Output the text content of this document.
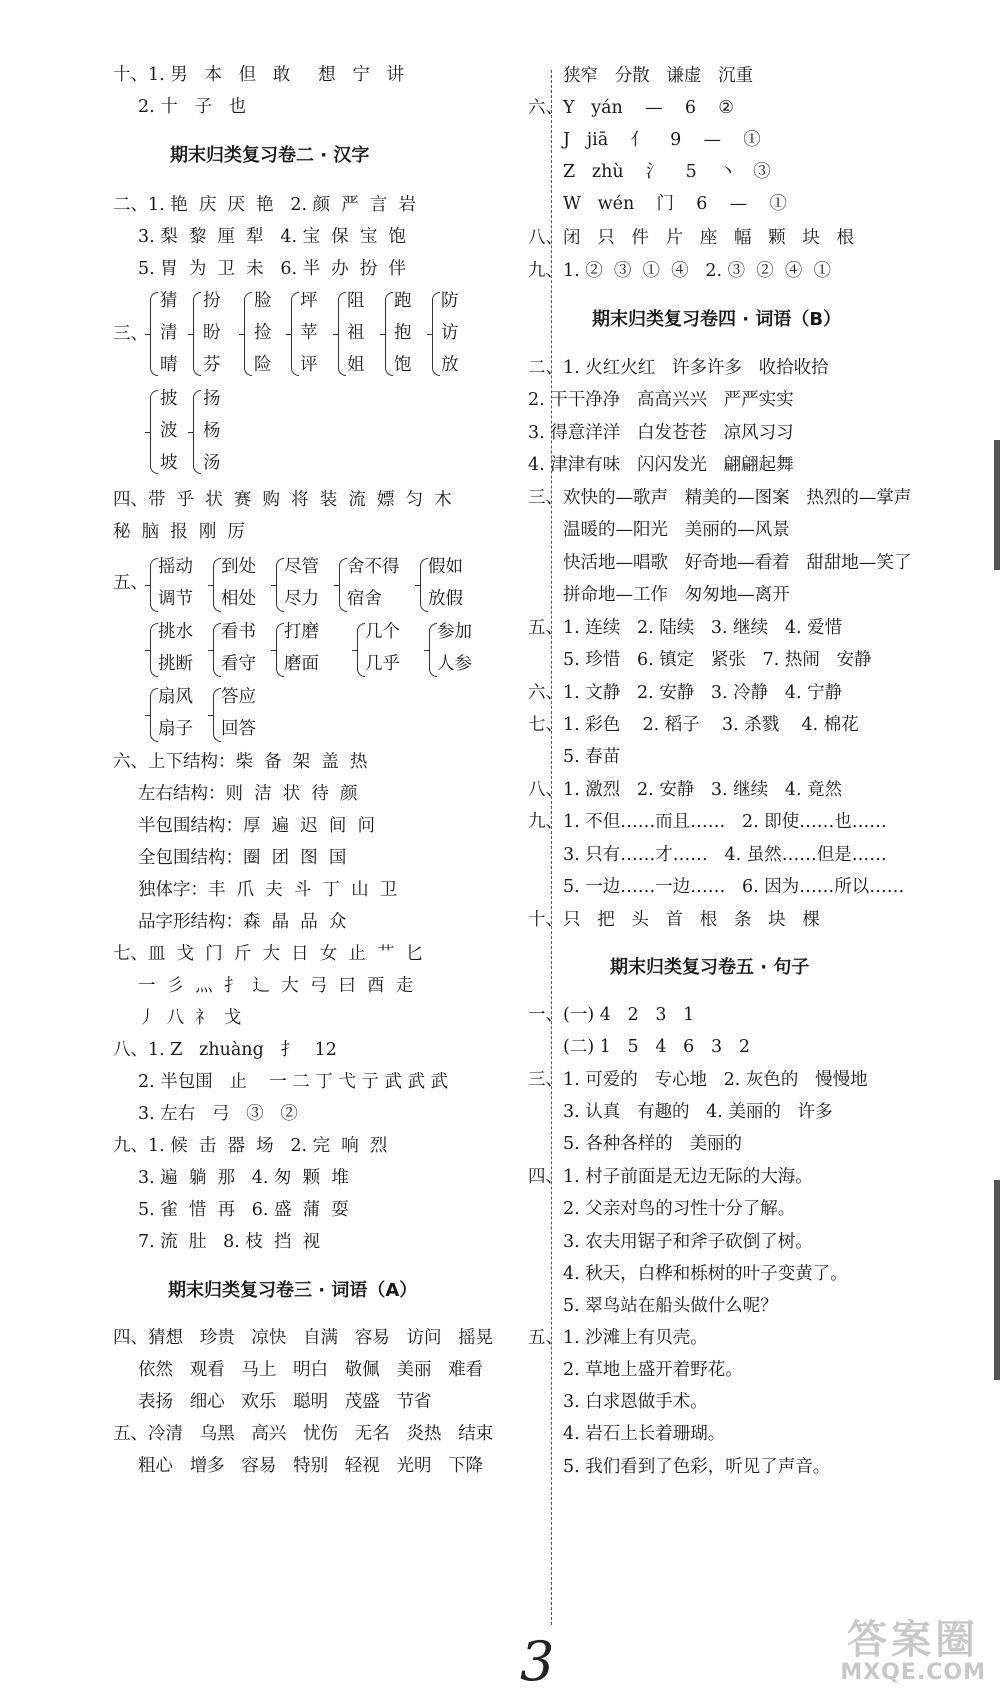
十、1. 男   本   但   敢     想   宁   讲
2. 十   子   也
期末归类复习卷二 · 汉字
二、1. 艳  庆  厌  艳   2. 颜  严  言  岩
3. 梨  黎  厘  犁   4. 宝  保  宝  饱
5. 胃  为  卫  未   6. 半  办  扮  伴
三、
猜
清
晴
扮
盼
芬
脸
捡
险
坪
苹
评
阻
祖
姐
跑
抱
饱
防
访
放
披
波
坡
扬
杨
汤
四、带  乎  状  赛  购  将  装  流  嫖  匀  木
秘  脑  报  刚  厉
五、
摇动
调节
到处
相处
尽管
尽力
舍不得
宿舍
假如
放假
挑水
挑断
看书
看守
打磨
磨面
几个
几乎
参加
人参
扇风
扇子
答应
回答
六、上下结构：柴  备  架  盖  热
左右结构：则  洁  状  待  颜
半包围结构：厚  遍  迟  间  问
全包围结构：圈  团  图  国
独体字：丰  爪  夫  斗  丁  山  卫
品字形结构：森  晶  品  众
七、皿  戈  门  斤  大  日  女  止  艹  匕
一  彡  灬  扌  辶  大  弓  曰  酉  走
丿  八  礻  戈
八、1. Z   zhuàng   扌   12
2. 半包围   止    一 二 丁 弋 亍 武 武 武
3. 左右   弓   ③   ②
九、1. 候  击  器  场   2. 完  响  烈
3. 遍  躺  那   4. 匆  颗  堆
5. 雀  惜  再   6. 盛  蒲  耍
7. 流  肚   8. 枝  挡  视
期末归类复习卷三 · 词语（A）
四、猜想   珍贵   凉快   自满   容易   访问   摇晃
依然   观看   马上   明白   敬佩   美丽   难看
表扬   细心   欢乐   聪明   茂盛   节省
五、冷清   乌黑   高兴   忧伤   无名   炎热   结束
粗心   增多   容易   特别   轻视   光明   下降
狭窄   分散   谦虚   沉重
六、Y   yán    —    6    ②
J   jiā    亻    9    —    ①
Z   zhù    氵    5    丶   ③
W   wén    门    6    —    ①
八、闭   只   件   片   座   幅   颗   块   根
九、1. ②  ③  ①  ④   2. ③  ②  ④  ①
期末归类复习卷四 · 词语（B）
二、1. 火红火红   许多许多   收拾收拾
2. 干干净净   高高兴兴   严严实实
3. 得意洋洋   白发苍苍   凉风习习
4. 津津有味   闪闪发光   翩翩起舞
三、欢快的—歌声   精美的—图案   热烈的—掌声
温暖的—阳光   美丽的—风景
快活地—唱歌   好奇地—看着   甜甜地—笑了
拼命地—工作   匆匆地—离开
五、1. 连续   2. 陆续   3. 继续   4. 爱惜
5. 珍惜   6. 镇定   紧张   7. 热闹   安静
六、1. 文静   2. 安静   3. 冷静   4. 宁静
七、1. 彩色    2. 稻子    3. 杀戮    4. 棉花
5. 春苗
八、1. 激烈   2. 安静   3. 继续   4. 竟然
九、1. 不但……而且……   2. 即使……也……
3. 只有……才……   4. 虽然……但是……
5. 一边……一边……   6. 因为……所以……
十、只   把   头   首   根   条   块   棵
期末归类复习卷五 · 句子
一、(一) 4   2   3   1
(二) 1   5   4   6   3   2
三、1. 可爱的   专心地   2. 灰色的   慢慢地
3. 认真   有趣的   4. 美丽的   许多
5. 各种各样的   美丽的
四、1. 村子前面是无边无际的大海。
2. 父亲对鸟的习性十分了解。
3. 农夫用锯子和斧子砍倒了树。
4. 秋天，白桦和栎树的叶子变黄了。
5. 翠鸟站在船头做什么呢？
五、1. 沙滩上有贝壳。
2. 草地上盛开着野花。
3. 白求恩做手术。
4. 岩石上长着珊瑚。
5. 我们看到了色彩，听见了声音。
3	答案圈
MXQE.COM
